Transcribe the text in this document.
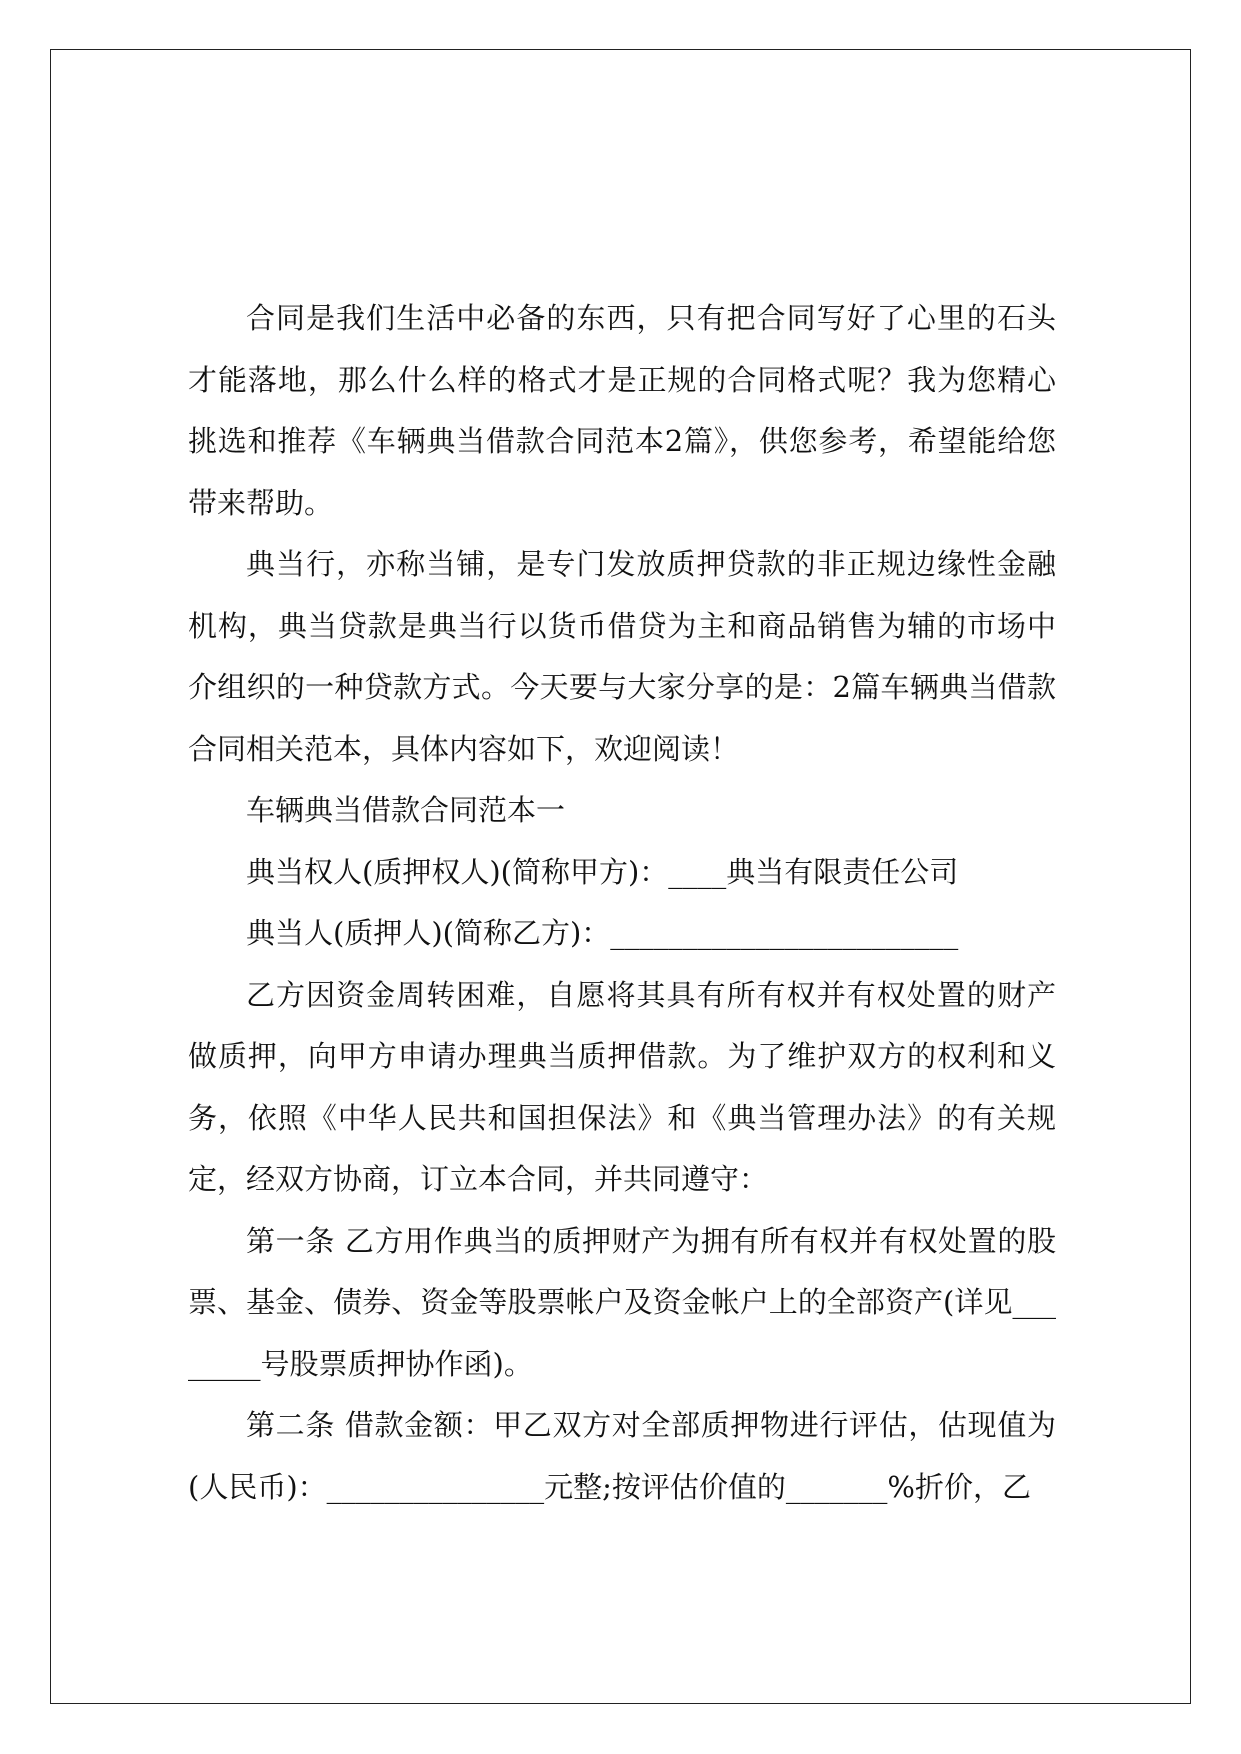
合同是我们生活中必备的东西，只有把合同写好了心里的石头才能落地，那么什么样的格式才是正规的合同格式呢？我为您精心挑选和推荐《车辆典当借款合同范本2篇》，供您参考，希望能给您带来帮助。

典当行，亦称当铺，是专门发放质押贷款的非正规边缘性金融机构，典当贷款是典当行以货币借贷为主和商品销售为辅的市场中介组织的一种贷款方式。今天要与大家分享的是：2篇车辆典当借款合同相关范本，具体内容如下，欢迎阅读！

车辆典当借款合同范本一

典当权人(质押权人)(简称甲方)：____典当有限责任公司

典当人(质押人)(简称乙方)：________________________

乙方因资金周转困难，自愿将其具有所有权并有权处置的财产做质押，向甲方申请办理典当质押借款。为了维护双方的权利和义务，依照《中华人民共和国担保法》和《典当管理办法》的有关规定，经双方协商，订立本合同，并共同遵守：

第一条 乙方用作典当的质押财产为拥有所有权并有权处置的股票、基金、债券、资金等股票帐户及资金帐户上的全部资产(详见________号股票质押协作函)。

第二条 借款金额：甲乙双方对全部质押物进行评估，估现值为(人民币)：_______________元整;按评估价值的_______%折价，乙
